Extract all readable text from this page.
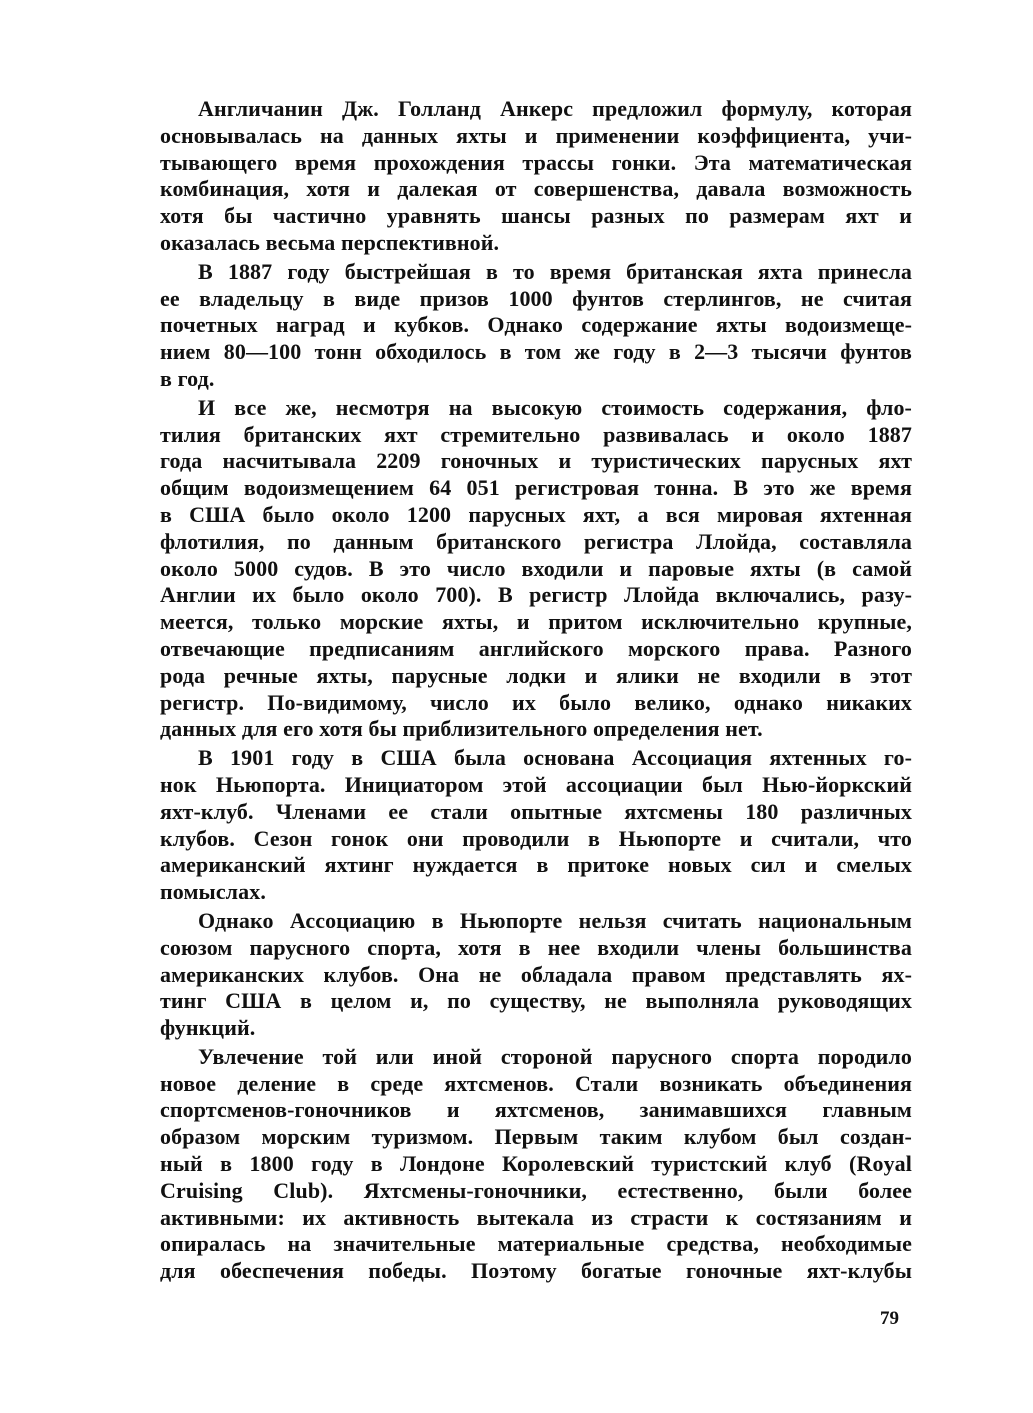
Англичанин Дж. Голланд Анкерс предложил формулу, которая
основывалась на данных яхты и применении коэффициента, учи-
тывающего время прохождения трассы гонки. Эта математическая
комбинация, хотя и далекая от совершенства, давала возможность
хотя бы частично уравнять шансы разных по размерам яхт и
оказалась весьма перспективной.
В 1887 году быстрейшая в то время британская яхта принесла
ее владельцу в виде призов 1000 фунтов стерлингов, не считая
почетных наград и кубков. Однако содержание яхты водоизмеще-
нием 80—100 тонн обходилось в том же году в 2—3 тысячи фунтов
в год.
И все же, несмотря на высокую стоимость содержания, фло-
тилия британских яхт стремительно развивалась и около 1887
года насчитывала 2209 гоночных и туристических парусных яхт
общим водоизмещением 64 051 регистровая тонна. В это же время
в США было около 1200 парусных яхт, а вся мировая яхтенная
флотилия, по данным британского регистра Ллойда, составляла
около 5000 судов. В это число входили и паровые яхты (в самой
Англии их было около 700). В регистр Ллойда включались, разу-
меется, только морские яхты, и притом исключительно крупные,
отвечающие предписаниям английского морского права. Разного
рода речные яхты, парусные лодки и ялики не входили в этот
регистр. По-видимому, число их было велико, однако никаких
данных для его хотя бы приблизительного определения нет.
В 1901 году в США была основана Ассоциация яхтенных го-
нок Ньюпорта. Инициатором этой ассоциации был Нью-йоркский
яхт-клуб. Членами ее стали опытные яхтсмены 180 различных
клубов. Сезон гонок они проводили в Ньюпорте и считали, что
американский яхтинг нуждается в притоке новых сил и смелых
помыслах.
Однако Ассоциацию в Ньюпорте нельзя считать национальным
союзом парусного спорта, хотя в нее входили члены большинства
американских клубов. Она не обладала правом представлять ях-
тинг США в целом и, по существу, не выполняла руководящих
функций.
Увлечение той или иной стороной парусного спорта породило
новое деление в среде яхтсменов. Стали возникать объединения
спортсменов-гоночников и яхтсменов, занимавшихся главным
образом морским туризмом. Первым таким клубом был создан-
ный в 1800 году в Лондоне Королевский туристский клуб (Royal
Cruising Club). Яхтсмены-гоночники, естественно, были более
активными: их активность вытекала из страсти к состязаниям и
опиралась на значительные материальные средства, необходимые
для обеспечения победы. Поэтому богатые гоночные яхт-клубы
79
